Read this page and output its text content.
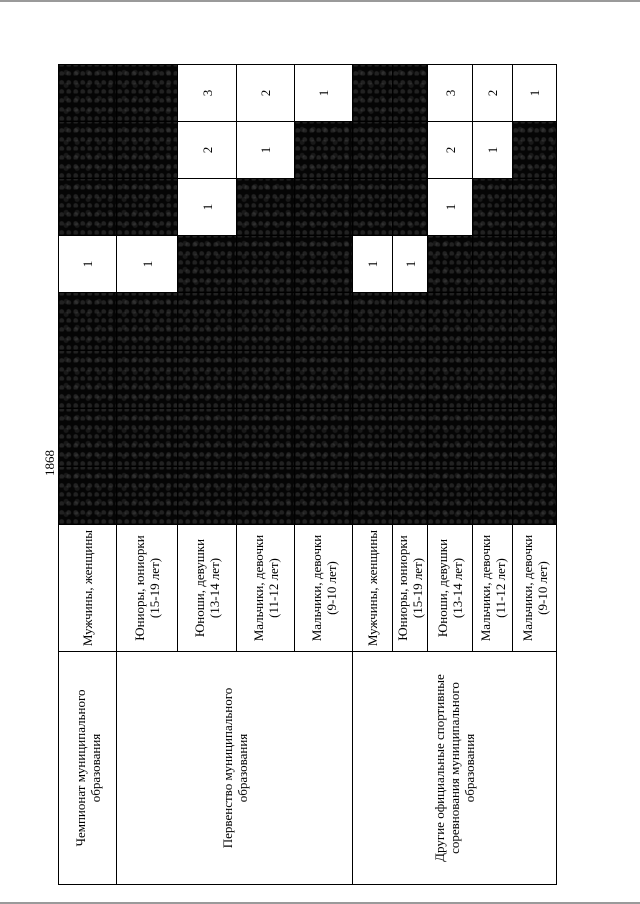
1868
Чемпионат муниципального образования	Мужчины, женщины					1			
Первенство муниципального образования	Юниоры, юниорки (15-19 лет)					1			
	Юноши, девушки (13-14 лет)						1	2	3
	Мальчики, девочки (11-12 лет)							1	2
	Мальчики, девочки (9-10 лет)								1
Другие официальные спортивные соревнования муниципального образования	Мужчины, женщины					1			
	Юниоры, юниорки (15-19 лет)					1			
	Юноши, девушки (13-14 лет)						1	2	3
	Мальчики, девочки (11-12 лет)							1	2
	Мальчики, девочки (9-10 лет)								1
